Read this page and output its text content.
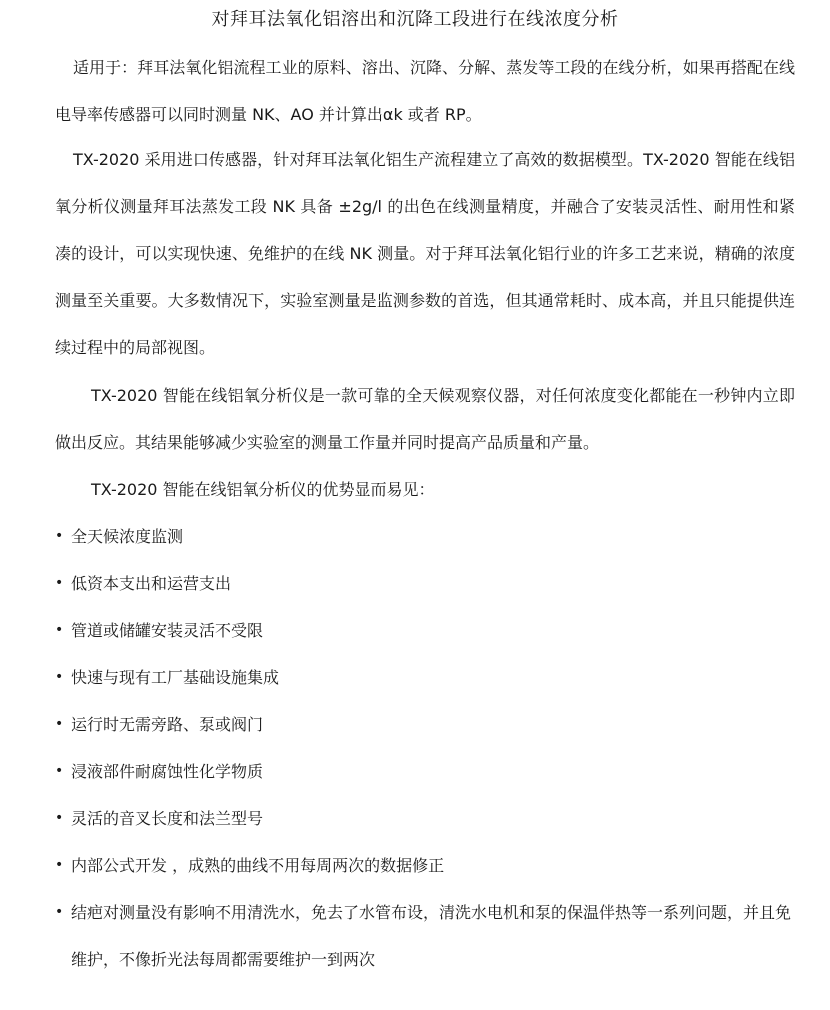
对拜耳法氧化铝溶出和沉降工段进行在线浓度分析

适用于：拜耳法氧化铝流程工业的原料、溶出、沉降、分解、蒸发等工段的在线分析，如果再搭配在线电导率传感器可以同时测量 NK、AO 并计算出αk 或者 RP。

TX-2020 采用进口传感器，针对拜耳法氧化铝生产流程建立了高效的数据模型。TX-2020 智能在线铝氧分析仪测量拜耳法蒸发工段 NK 具备 ±2g/l 的出色在线测量精度，并融合了安装灵活性、耐用性和紧凑的设计，可以实现快速、免维护的在线 NK 测量。对于拜耳法氧化铝行业的许多工艺来说，精确的浓度测量至关重要。大多数情况下，实验室测量是监测参数的首选，但其通常耗时、成本高，并且只能提供连续过程中的局部视图。

TX-2020 智能在线铝氧分析仪是一款可靠的全天候观察仪器，对任何浓度变化都能在一秒钟内立即做出反应。其结果能够减少实验室的测量工作量并同时提高产品质量和产量。

TX-2020 智能在线铝氧分析仪的优势显而易见：

• 全天候浓度监测
• 低资本支出和运营支出
• 管道或储罐安装灵活不受限
• 快速与现有工厂基础设施集成
• 运行时无需旁路、泵或阀门
• 浸液部件耐腐蚀性化学物质
• 灵活的音叉长度和法兰型号
• 内部公式开发 ，成熟的曲线不用每周两次的数据修正
• 结疤对测量没有影响不用清洗水，免去了水管布设，清洗水电机和泵的保温伴热等一系列问题，并且免维护，不像折光法每周都需要维护一到两次
